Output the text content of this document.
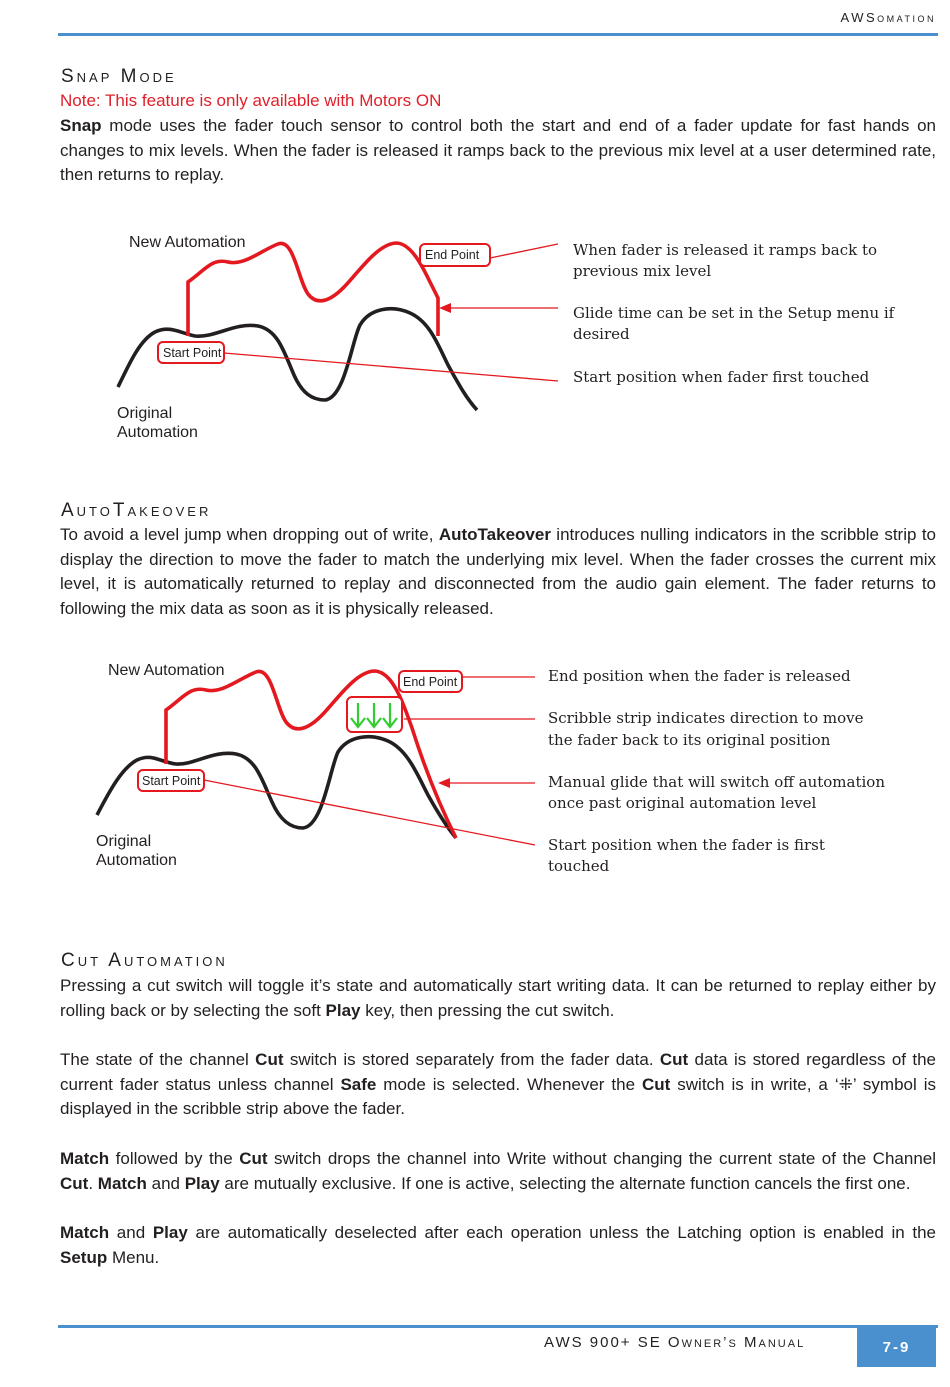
AWSomation
Snap Mode

Note: This feature is only available with Motors ON

Snap mode uses the fader touch sensor to control both the start and end of a fader update for fast hands on changes to mix levels. When the fader is released it ramps back to the previous mix level at a user determined rate, then returns to replay.

Start Point
End Point
New Automation
Original
Automation
When fader is released it ramps back to
previous mix level
Glide time can be set in the Setup menu if
desired
Start position when fader first touched
AutoTakeover

To avoid a level jump when dropping out of write, AutoTakeover introduces nulling indicators in the scribble strip to display the direction to move the fader to match the underlying mix level. When the fader crosses the current mix level, it is automatically returned to replay and disconnected from the audio gain element. The fader returns to following the mix data as soon as it is physically released.

Start Point
End Point
New Automation
Original
Automation
End position when the fader is released
Scribble strip indicates direction to move
the fader back to its original position
Manual glide that will switch off automation
once past original automation level
Start position when the fader is first
touched
Cut Automation

Pressing a cut switch will toggle it’s state and automatically start writing data. It can be returned to replay either by rolling back or by selecting the soft Play key, then pressing the cut switch.

The state of the channel Cut switch is stored separately from the fader data. Cut data is stored regardless of the current fader status unless channel Safe mode is selected. Whenever the Cut switch is in write, a ‘⁜’ symbol is displayed in the scribble strip above the fader.

Match followed by the Cut switch drops the channel into Write without changing the current state of the Channel Cut. Match and Play are mutually exclusive. If one is active, selecting the alternate function cancels the first one.

Match and Play are automatically deselected after each operation unless the Latching option is enabled in the Setup Menu.

AWS 900+ SE Owner’s Manual	7-9
